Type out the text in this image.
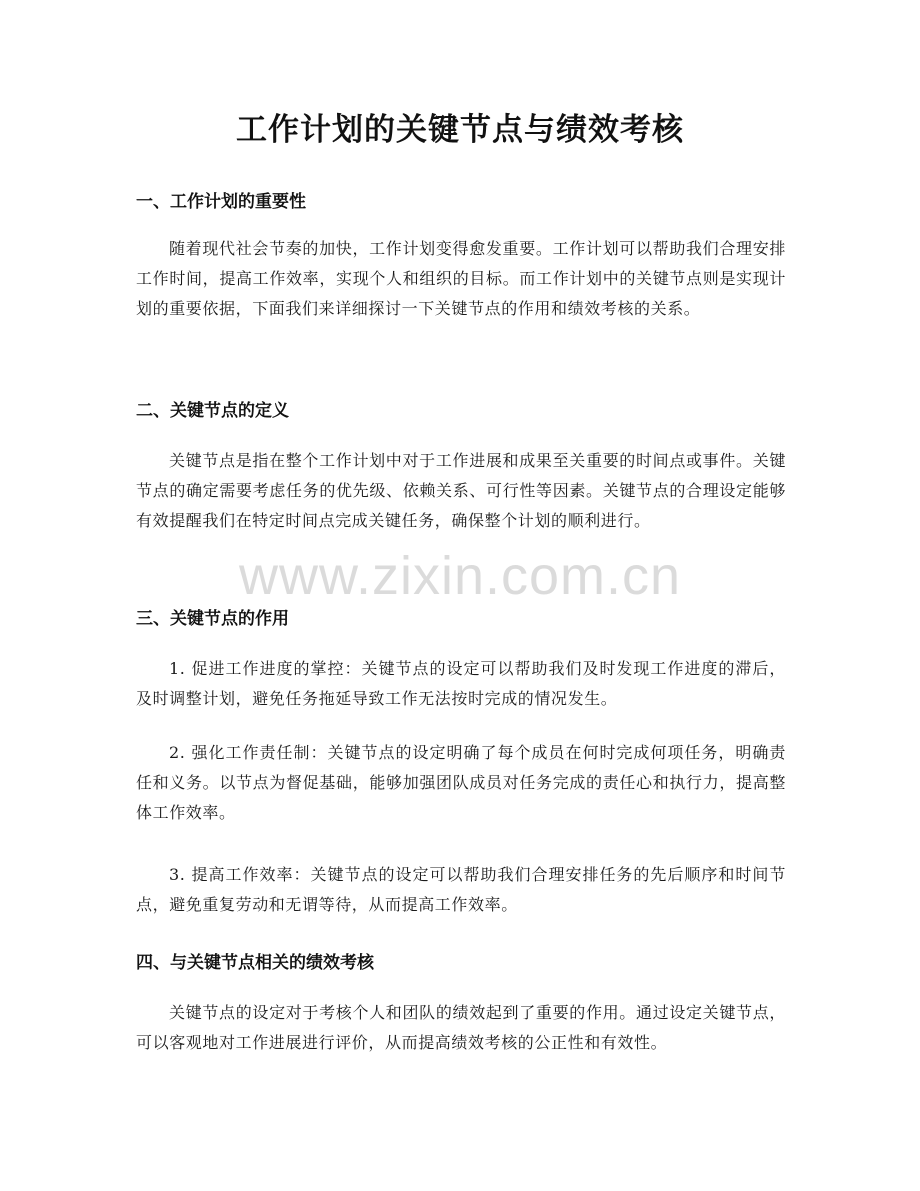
工作计划的关键节点与绩效考核
一、工作计划的重要性
随着现代社会节奏的加快，工作计划变得愈发重要。工作计划可以帮助我们合理安排工作时间，提高工作效率，实现个人和组织的目标。而工作计划中的关键节点则是实现计划的重要依据，下面我们来详细探讨一下关键节点的作用和绩效考核的关系。
二、关键节点的定义
关键节点是指在整个工作计划中对于工作进展和成果至关重要的时间点或事件。关键节点的确定需要考虑任务的优先级、依赖关系、可行性等因素。关键节点的合理设定能够有效提醒我们在特定时间点完成关键任务，确保整个计划的顺利进行。
三、关键节点的作用
1. 促进工作进度的掌控：关键节点的设定可以帮助我们及时发现工作进度的滞后，及时调整计划，避免任务拖延导致工作无法按时完成的情况发生。
2. 强化工作责任制：关键节点的设定明确了每个成员在何时完成何项任务，明确责任和义务。以节点为督促基础，能够加强团队成员对任务完成的责任心和执行力，提高整体工作效率。
3. 提高工作效率：关键节点的设定可以帮助我们合理安排任务的先后顺序和时间节点，避免重复劳动和无谓等待，从而提高工作效率。
四、与关键节点相关的绩效考核
关键节点的设定对于考核个人和团队的绩效起到了重要的作用。通过设定关键节点，可以客观地对工作进展进行评价，从而提高绩效考核的公正性和有效性。
www.zixin.com.cn
